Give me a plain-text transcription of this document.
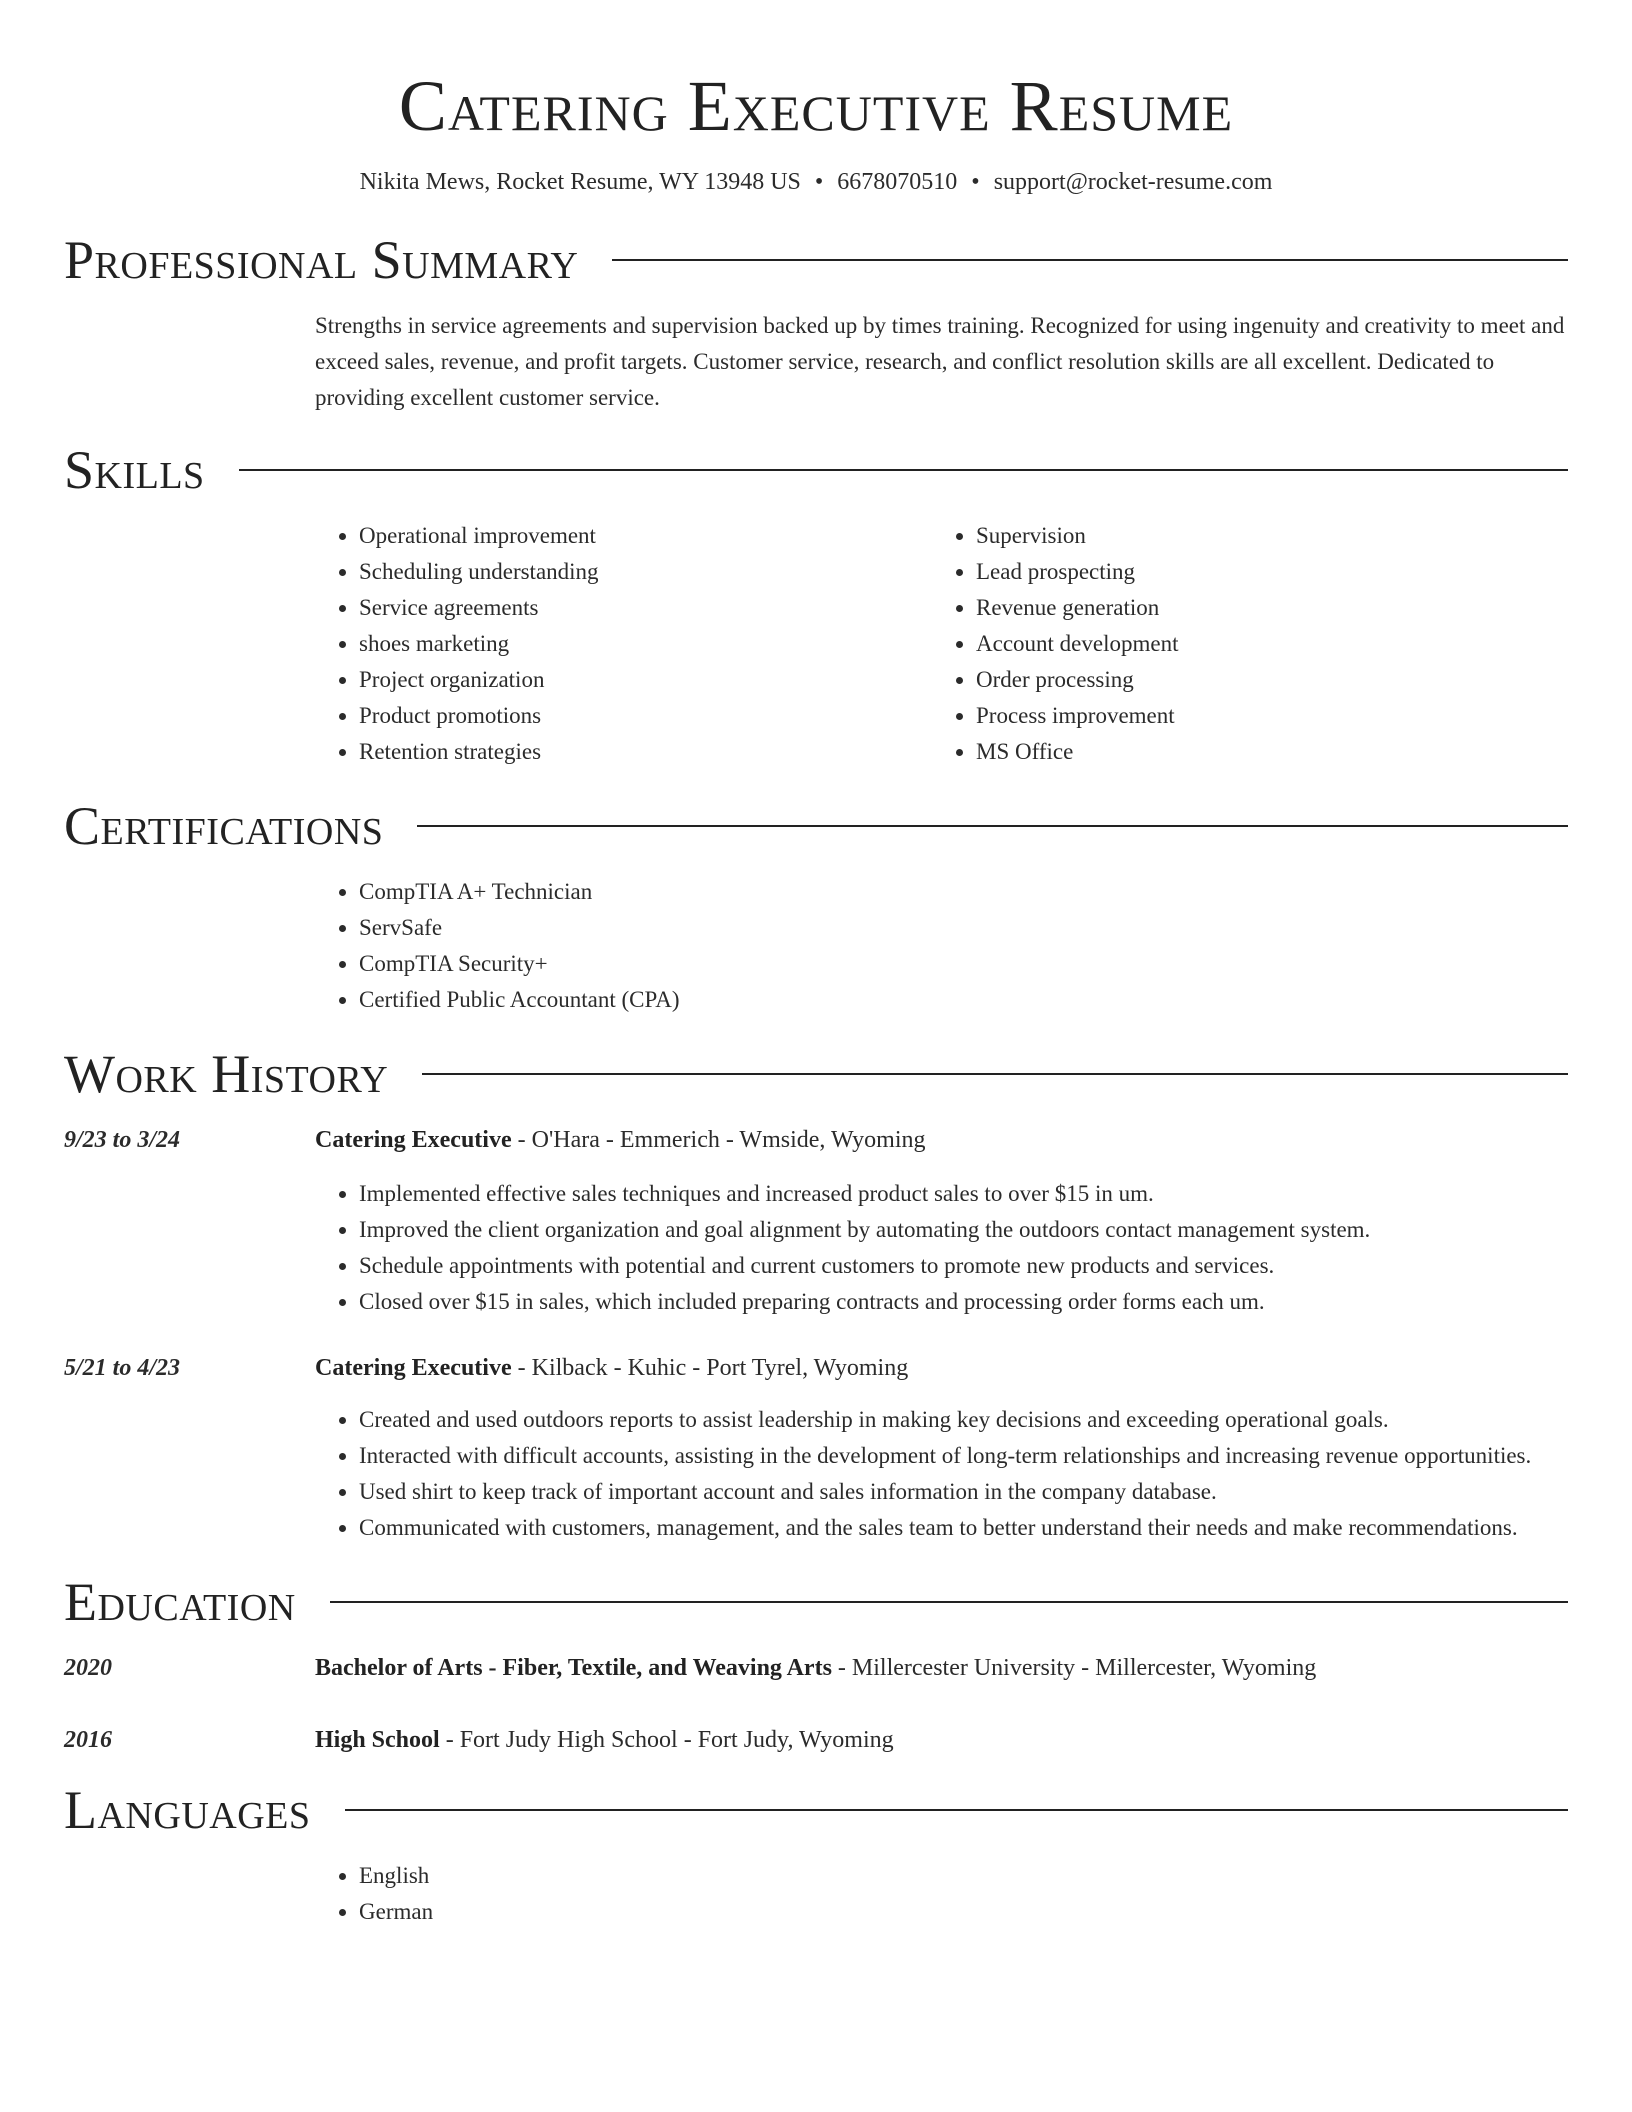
Catering Executive Resume
Nikita Mews, Rocket Resume, WY 13948 US • 6678070510 • support@rocket-resume.com
Professional Summary

Strengths in service agreements and supervision backed up by times training. Recognized for using ingenuity and creativity to meet and exceed sales, revenue, and profit targets. Customer service, research, and conflict resolution skills are all excellent. Dedicated to providing excellent customer service.

Skills
• Operational improvement
• Scheduling understanding
• Service agreements
• shoes marketing
• Project organization
• Product promotions
• Retention strategies
• Supervision
• Lead prospecting
• Revenue generation
• Account development
• Order processing
• Process improvement
• MS Office
Certifications
• CompTIA A+ Technician
• ServSafe
• CompTIA Security+
• Certified Public Accountant (CPA)
Work History
9/23 to 3/24	Catering Executive - O'Hara - Emmerich - Wmside, Wyoming
• Implemented effective sales techniques and increased product sales to over $15 in um.
• Improved the client organization and goal alignment by automating the outdoors contact management system.
• Schedule appointments with potential and current customers to promote new products and services.
• Closed over $15 in sales, which included preparing contracts and processing order forms each um.
5/21 to 4/23	Catering Executive - Kilback - Kuhic - Port Tyrel, Wyoming
• Created and used outdoors reports to assist leadership in making key decisions and exceeding operational goals.
• Interacted with difficult accounts, assisting in the development of long-term relationships and increasing revenue opportunities.
• Used shirt to keep track of important account and sales information in the company database.
• Communicated with customers, management, and the sales team to better understand their needs and make recommendations.
Education
2020	Bachelor of Arts - Fiber, Textile, and Weaving Arts - Millercester University - Millercester, Wyoming
2016	High School - Fort Judy High School - Fort Judy, Wyoming
Languages
• English
• German
